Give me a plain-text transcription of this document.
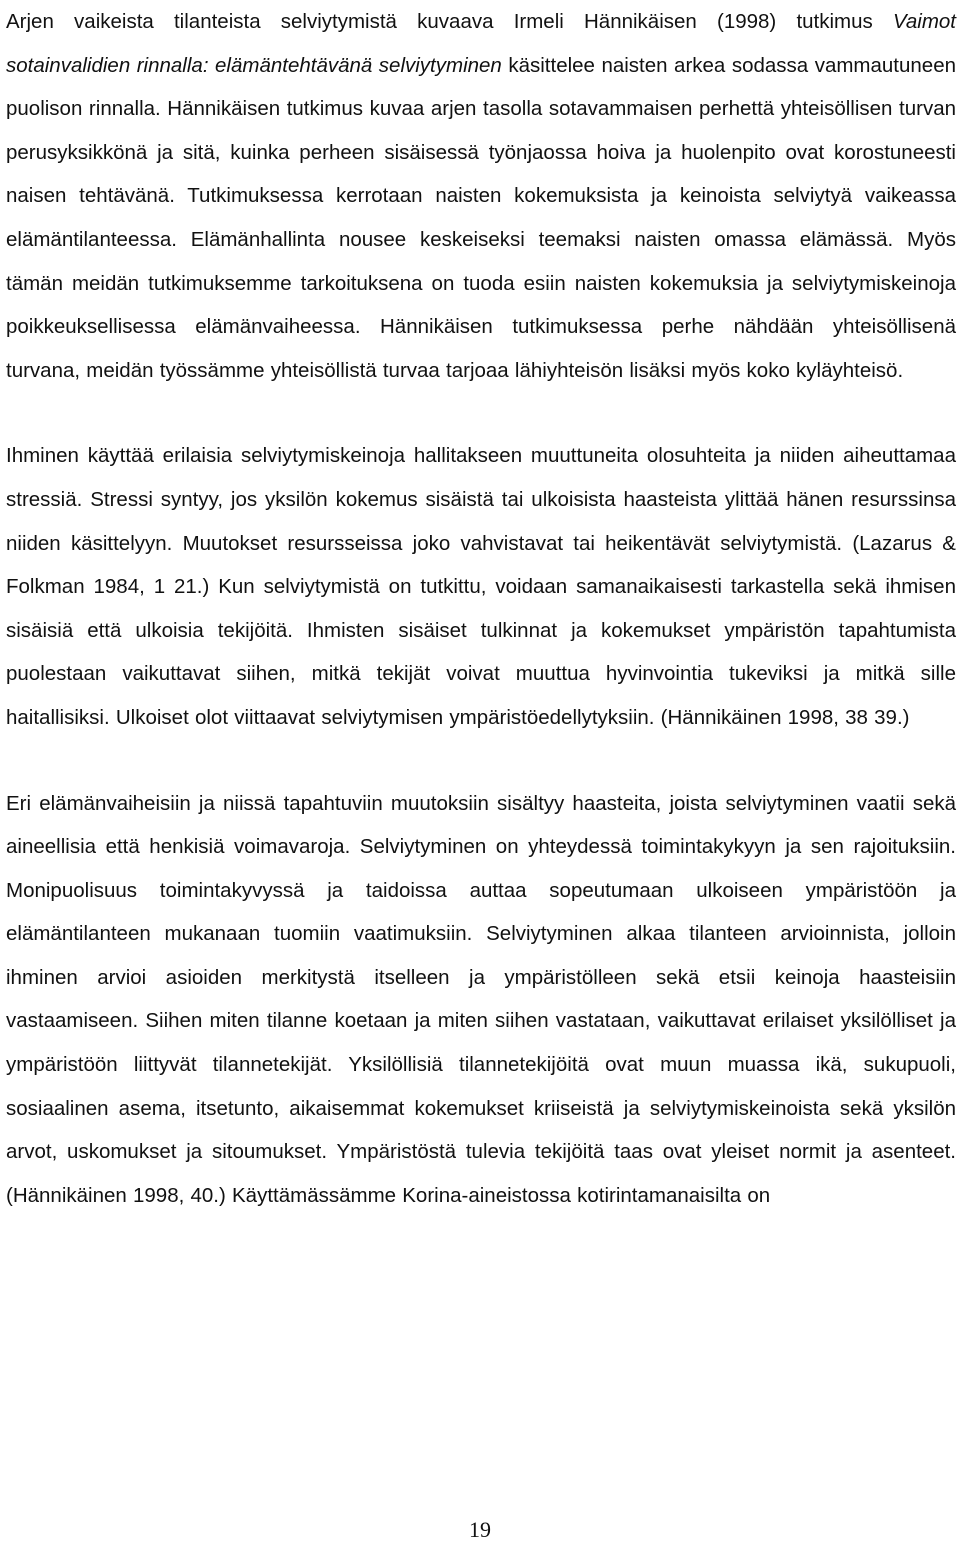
Arjen vaikeista tilanteista selviytymistä kuvaava Irmeli Hännikäisen (1998) tutkimus Vaimot sotainvalidien rinnalla: elämäntehtävänä selviytyminen käsittelee naisten arkea sodassa vammautuneen puolison rinnalla. Hännikäisen tutkimus kuvaa arjen tasolla sotavammaisen perhettä yhteisöllisen turvan perusyksikkönä ja sitä, kuinka perheen sisäisessä työnjaossa hoiva ja huolenpito ovat korostuneesti naisen tehtävänä. Tutkimuksessa kerrotaan naisten kokemuksista ja keinoista selviytyä vaikeassa elämäntilanteessa. Elämänhallinta nousee keskeiseksi teemaksi naisten omassa elämässä. Myös tämän meidän tutkimuksemme tarkoituksena on tuoda esiin naisten kokemuksia ja selviytymiskeinoja poikkeuksellisessa elämänvaiheessa. Hännikäisen tutkimuksessa perhe nähdään yhteisöllisenä turvana, meidän työssämme yhteisöllistä turvaa tarjoaa lähiyhteisön lisäksi myös koko kyläyhteisö.

Ihminen käyttää erilaisia selviytymiskeinoja hallitakseen muuttuneita olosuhteita ja niiden aiheuttamaa stressiä. Stressi syntyy, jos yksilön kokemus sisäistä tai ulkoisista haasteista ylittää hänen resurssinsa niiden käsittelyyn. Muutokset resursseissa joko vahvistavat tai heikentävät selviytymistä. (Lazarus & Folkman 1984, 1 21.) Kun selviytymistä on tutkittu, voidaan samanaikaisesti tarkastella sekä ihmisen sisäisiä että ulkoisia tekijöitä. Ihmisten sisäiset tulkinnat ja kokemukset ympäristön tapahtumista puolestaan vaikuttavat siihen, mitkä tekijät voivat muuttua hyvinvointia tukeviksi ja mitkä sille haitallisiksi. Ulkoiset olot viittaavat selviytymisen ympäristöedellytyksiin. (Hännikäinen 1998, 38 39.)

Eri elämänvaiheisiin ja niissä tapahtuviin muutoksiin sisältyy haasteita, joista selviytyminen vaatii sekä aineellisia että henkisiä voimavaroja. Selviytyminen on yhteydessä toimintakykyyn ja sen rajoituksiin. Monipuolisuus toimintakyvyssä ja taidoissa auttaa sopeutumaan ulkoiseen ympäristöön ja elämäntilanteen mukanaan tuomiin vaatimuksiin. Selviytyminen alkaa tilanteen arvioinnista, jolloin ihminen arvioi asioiden merkitystä itselleen ja ympäristölleen sekä etsii keinoja haasteisiin vastaamiseen. Siihen miten tilanne koetaan ja miten siihen vastataan, vaikuttavat erilaiset yksilölliset ja ympäristöön liittyvät tilannetekijät. Yksilöllisiä tilannetekijöitä ovat muun muassa ikä, sukupuoli, sosiaalinen asema, itsetunto, aikaisemmat kokemukset kriiseistä ja selviytymiskeinoista sekä yksilön arvot, uskomukset ja sitoumukset. Ympäristöstä tulevia tekijöitä taas ovat yleiset normit ja asenteet. (Hännikäinen 1998, 40.) Käyttämässämme Korina-aineistossa kotirintamanaisilta on

19
